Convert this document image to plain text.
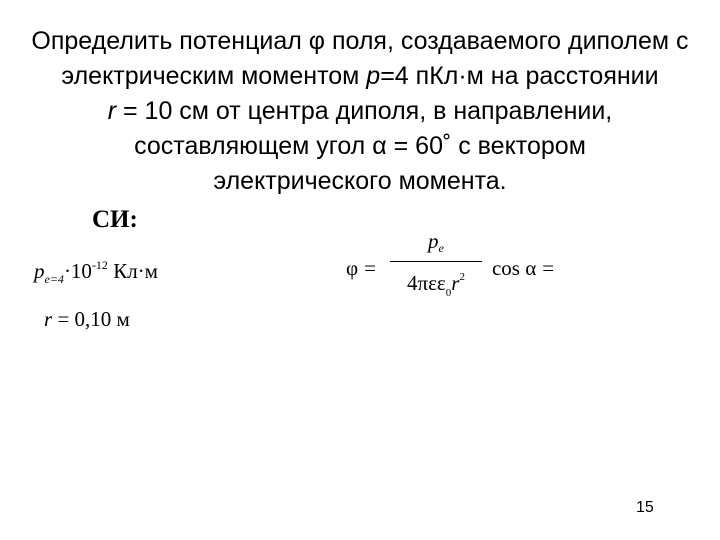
Определить потенциал φ поля, создаваемого диполем с
электрическим моментом p=4 пКл·м на расстоянии
r = 10 см от центра диполя, в направлении,
составляющем угол α = 60˚ с вектором
электрического момента.
СИ:
$p_{e=4}\cdot 10^{-12}$ Кл·м
r = 0,10 м
$\varphi = \frac{p_e}{4\pi\varepsilon\varepsilon_0r^2}$ cos α =
15
